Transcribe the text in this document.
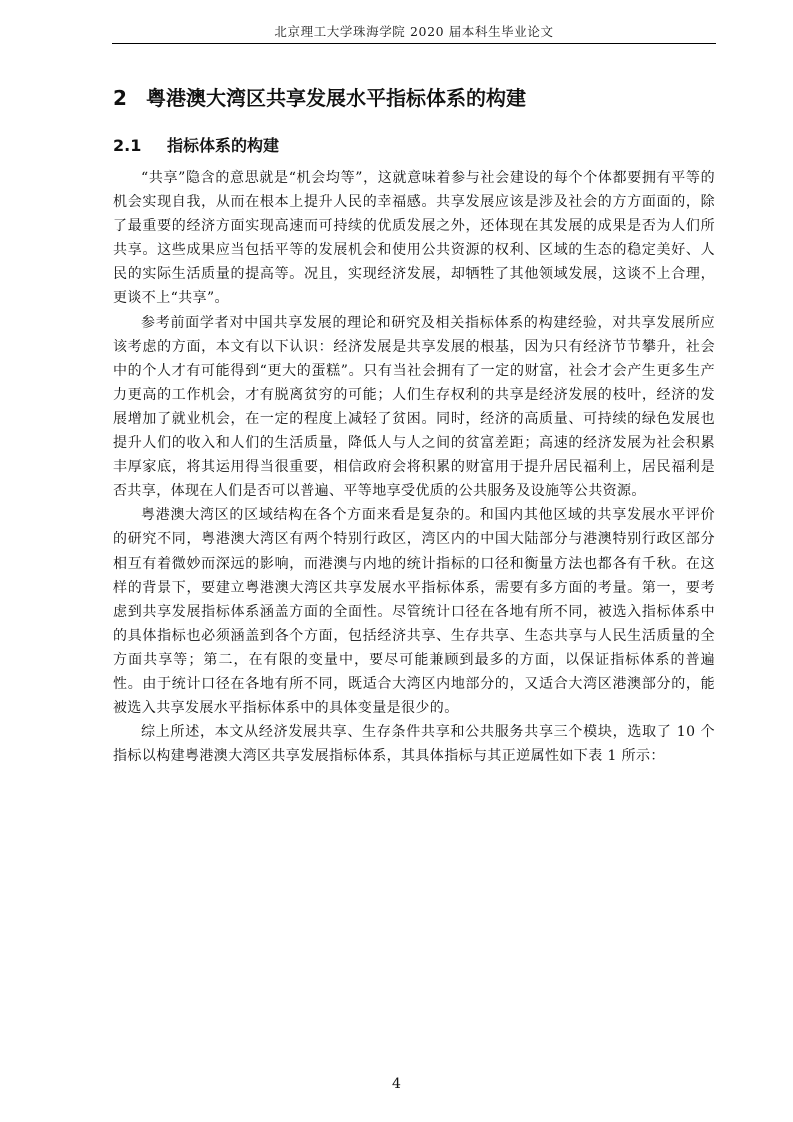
北京理工大学珠海学院 2020 届本科生毕业论文
2 粤港澳大湾区共享发展水平指标体系的构建
2.1 指标体系的构建

“共享”隐含的意思就是“机会均等”，这就意味着参与社会建设的每个个体都要拥有平等的机会实现自我，从而在根本上提升人民的幸福感。共享发展应该是涉及社会的方方面面的，除了最重要的经济方面实现高速而可持续的优质发展之外，还体现在其发展的成果是否为人们所共享。这些成果应当包括平等的发展机会和使用公共资源的权利、区域的生态的稳定美好、人民的实际生活质量的提高等。况且，实现经济发展，却牺牲了其他领域发展，这谈不上合理，更谈不上“共享”。

参考前面学者对中国共享发展的理论和研究及相关指标体系的构建经验，对共享发展所应该考虑的方面，本文有以下认识：经济发展是共享发展的根基，因为只有经济节节攀升，社会中的个人才有可能得到“更大的蛋糕”。只有当社会拥有了一定的财富，社会才会产生更多生产力更高的工作机会，才有脱离贫穷的可能；人们生存权利的共享是经济发展的枝叶，经济的发展增加了就业机会，在一定的程度上减轻了贫困。同时，经济的高质量、可持续的绿色发展也提升人们的收入和人们的生活质量，降低人与人之间的贫富差距；高速的经济发展为社会积累丰厚家底，将其运用得当很重要，相信政府会将积累的财富用于提升居民福利上，居民福利是否共享，体现在人们是否可以普遍、平等地享受优质的公共服务及设施等公共资源。

粤港澳大湾区的区域结构在各个方面来看是复杂的。和国内其他区域的共享发展水平评价的研究不同，粤港澳大湾区有两个特别行政区，湾区内的中国大陆部分与港澳特别行政区部分相互有着微妙而深远的影响，而港澳与内地的统计指标的口径和衡量方法也都各有千秋。在这样的背景下，要建立粤港澳大湾区共享发展水平指标体系，需要有多方面的考量。第一，要考虑到共享发展指标体系涵盖方面的全面性。尽管统计口径在各地有所不同，被选入指标体系中的具体指标也必须涵盖到各个方面，包括经济共享、生存共享、生态共享与人民生活质量的全方面共享等；第二，在有限的变量中，要尽可能兼顾到最多的方面，以保证指标体系的普遍性。由于统计口径在各地有所不同，既适合大湾区内地部分的，又适合大湾区港澳部分的，能被选入共享发展水平指标体系中的具体变量是很少的。

综上所述，本文从经济发展共享、生存条件共享和公共服务共享三个模块，选取了 10 个指标以构建粤港澳大湾区共享发展指标体系，其具体指标与其正逆属性如下表 1 所示：

4
